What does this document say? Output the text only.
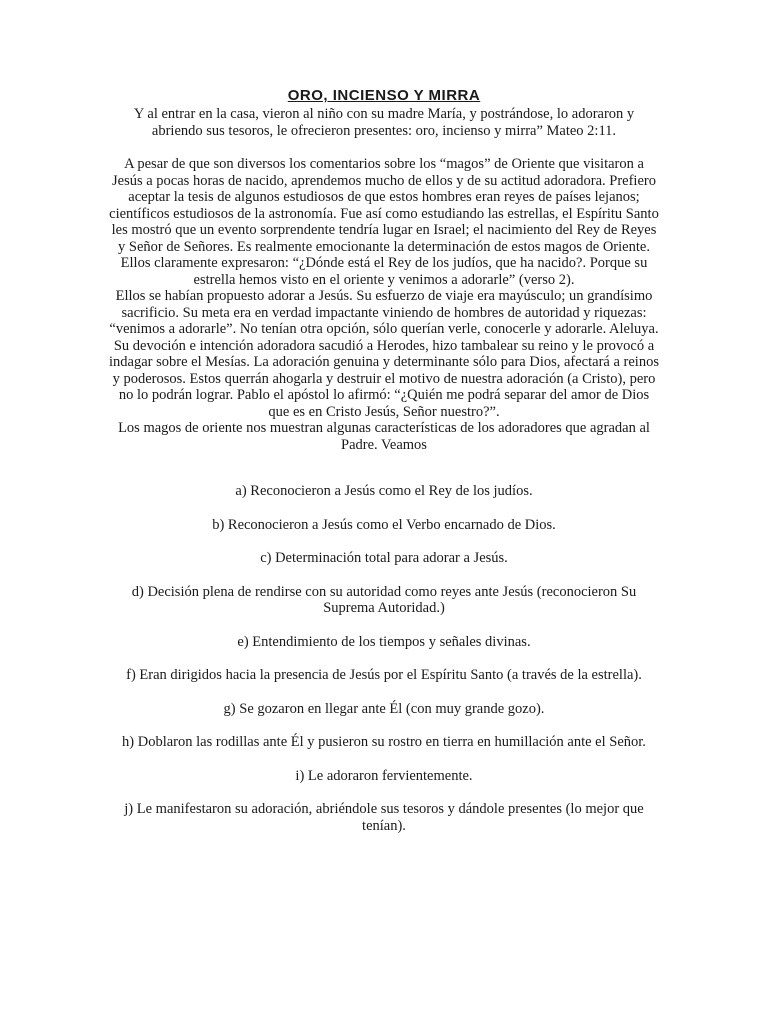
ORO, INCIENSO Y MIRRA

Y al entrar en la casa, vieron al niño con su madre María, y postrándose, lo adoraron y abriendo sus tesoros, le ofrecieron presentes: oro, incienso y mirra” Mateo 2:11.

A pesar de que son diversos los comentarios sobre los “magos” de Oriente que visitaron a Jesús a pocas horas de nacido, aprendemos mucho de ellos y de su actitud adoradora. Prefiero aceptar la tesis de algunos estudiosos de que estos hombres eran reyes de países lejanos; científicos estudiosos de la astronomía. Fue así como estudiando las estrellas, el Espíritu Santo les mostró que un evento sorprendente tendría lugar en Israel; el nacimiento del Rey de Reyes y Señor de Señores. Es realmente emocionante la determinación de estos magos de Oriente. Ellos claramente expresaron: “¿Dónde está el Rey de los judíos, que ha nacido?. Porque su estrella hemos visto en el oriente y venimos a adorarle” (verso 2).

Ellos se habían propuesto adorar a Jesús. Su esfuerzo de viaje era mayúsculo; un grandísimo sacrificio. Su meta era en verdad impactante viniendo de hombres de autoridad y riquezas: “venimos a adorarle”. No tenían otra opción, sólo querían verle, conocerle y adorarle. Aleluya.

Su devoción e intención adoradora sacudió a Herodes, hizo tambalear su reino y le provocó a indagar sobre el Mesías. La adoración genuina y determinante sólo para Dios, afectará a reinos y poderosos. Estos querrán ahogarla y destruir el motivo de nuestra adoración (a Cristo), pero no lo podrán lograr. Pablo el apóstol lo afirmó: “¿Quién me podrá separar del amor de Dios que es en Cristo Jesús, Señor nuestro?”.

Los magos de oriente nos muestran algunas características de los adoradores que agradan al Padre. Veamos

a) Reconocieron a Jesús como el Rey de los judíos.
b) Reconocieron a Jesús como el Verbo encarnado de Dios.
c) Determinación total para adorar a Jesús.
d) Decisión plena de rendirse con su autoridad como reyes ante Jesús (reconocieron Su Suprema Autoridad.)
e) Entendimiento de los tiempos y señales divinas.
f) Eran dirigidos hacia la presencia de Jesús por el Espíritu Santo (a través de la estrella).
g) Se gozaron en llegar ante Él (con muy grande gozo).
h) Doblaron las rodillas ante Él y pusieron su rostro en tierra en humillación ante el Señor.
i) Le adoraron fervientemente.
j) Le manifestaron su adoración, abriéndole sus tesoros y dándole presentes (lo mejor que tenían).
